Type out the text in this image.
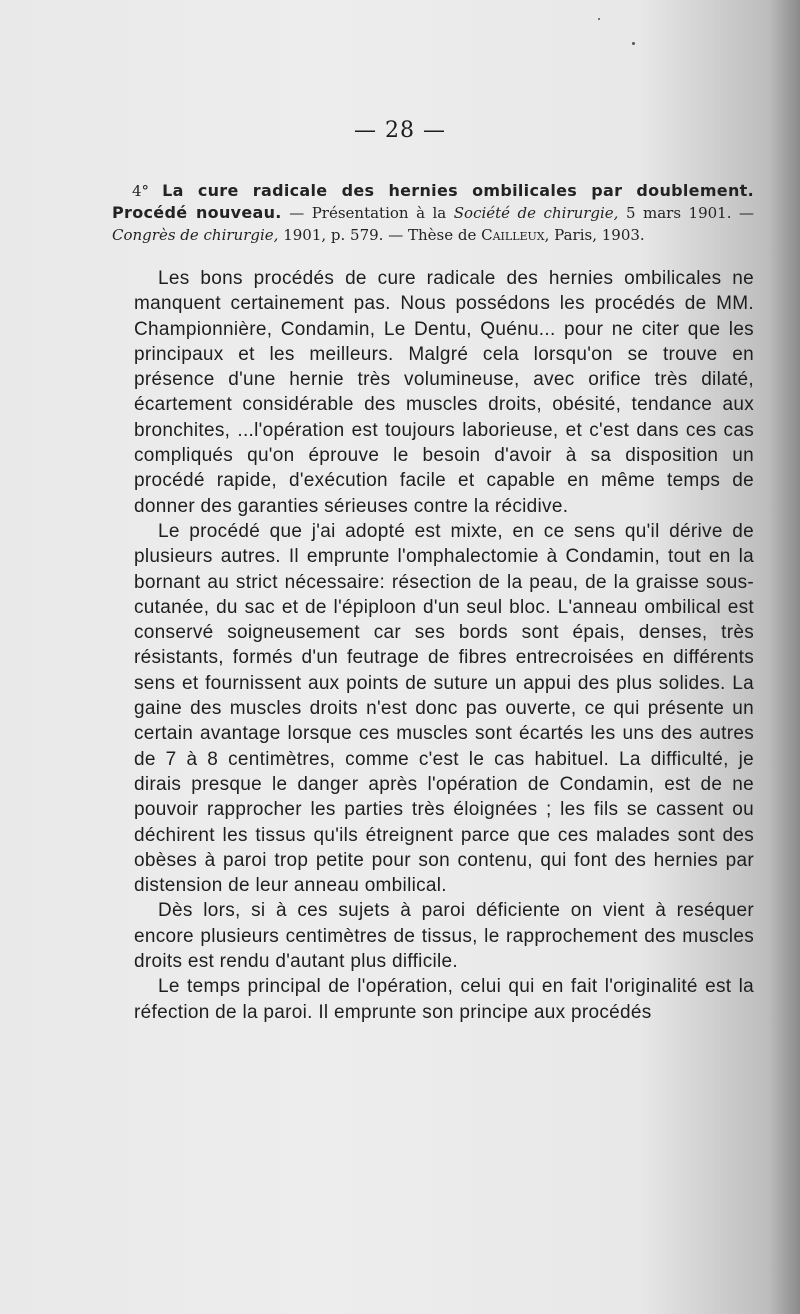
— 28 —
4° La cure radicale des hernies ombilicales par doublement. Procédé nouveau. — Présentation à la Société de chirurgie, 5 mars 1901. — Congrès de chirurgie, 1901, p. 579. — Thèse de Cailleux, Paris, 1903.

Les bons procédés de cure radicale des hernies ombilicales ne manquent certainement pas. Nous possédons les procédés de MM. Championnière, Condamin, Le Dentu, Quénu... pour ne citer que les principaux et les meilleurs. Malgré cela lorsqu'on se trouve en présence d'une hernie très volumineuse, avec orifice très dilaté, écartement considérable des muscles droits, obésité, tendance aux bronchites, ...l'opération est toujours laborieuse, et c'est dans ces cas compliqués qu'on éprouve le besoin d'avoir à sa disposition un procédé rapide, d'exécution facile et capable en même temps de donner des garanties sérieuses contre la récidive.

Le procédé que j'ai adopté est mixte, en ce sens qu'il dérive de plusieurs autres. Il emprunte l'omphalectomie à Condamin, tout en la bornant au strict nécessaire: résection de la peau, de la graisse sous-cutanée, du sac et de l'épiploon d'un seul bloc. L'anneau ombilical est conservé soigneusement car ses bords sont épais, denses, très résistants, formés d'un feutrage de fibres entrecroisées en différents sens et fournissent aux points de suture un appui des plus solides. La gaine des muscles droits n'est donc pas ouverte, ce qui présente un certain avantage lorsque ces muscles sont écartés les uns des autres de 7 à 8 centimètres, comme c'est le cas habituel. La difficulté, je dirais presque le danger après l'opération de Condamin, est de ne pouvoir rapprocher les parties très éloignées ; les fils se cassent ou déchirent les tissus qu'ils étreignent parce que ces malades sont des obèses à paroi trop petite pour son contenu, qui font des hernies par distension de leur anneau ombilical.

Dès lors, si à ces sujets à paroi déficiente on vient à reséquer encore plusieurs centimètres de tissus, le rapprochement des muscles droits est rendu d'autant plus difficile.

Le temps principal de l'opération, celui qui en fait l'originalité est la réfection de la paroi. Il emprunte son principe aux procédés
